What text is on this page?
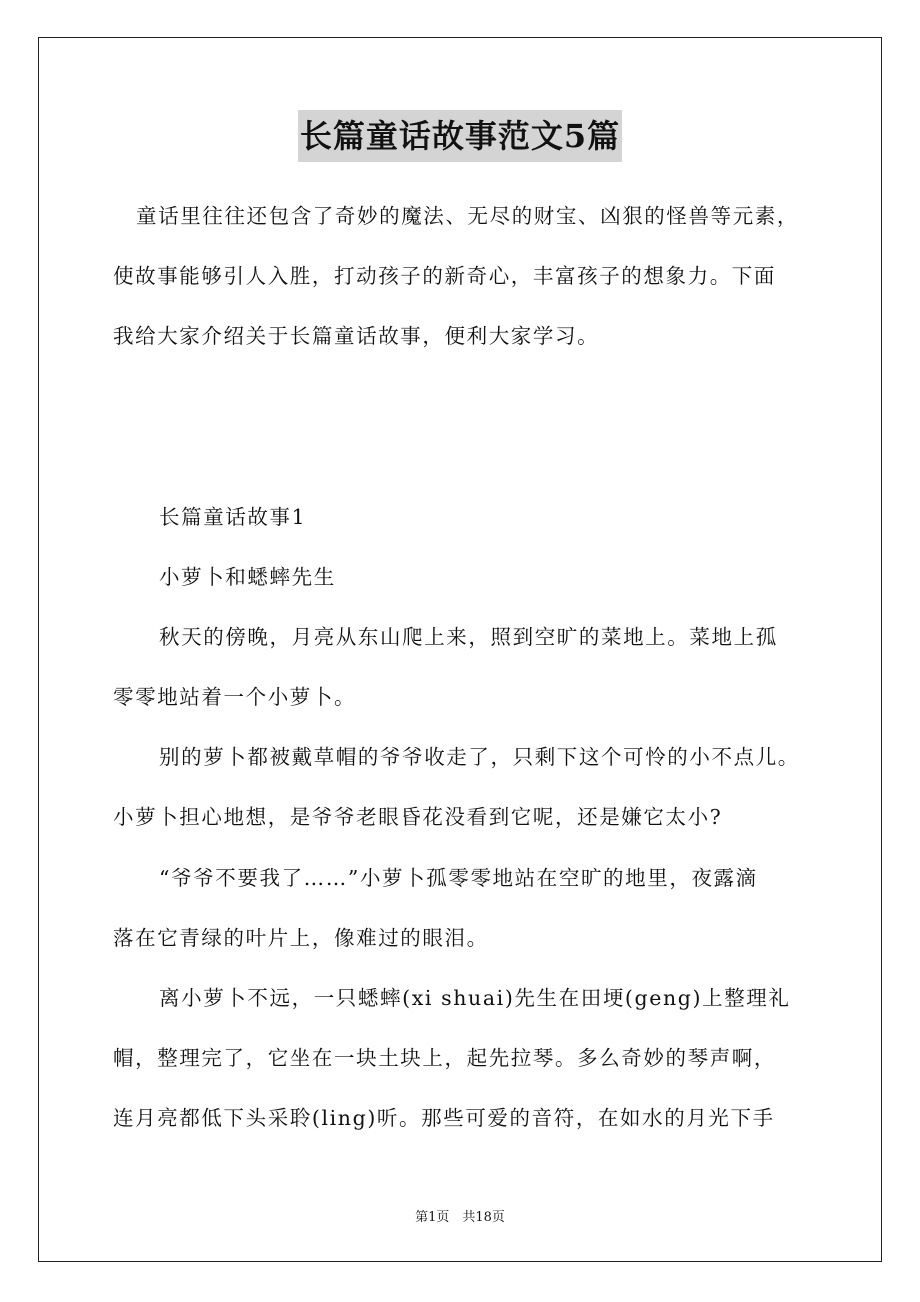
长篇童话故事范文5篇
童话里往往还包含了奇妙的魔法、无尽的财宝、凶狠的怪兽等元素，
使故事能够引人入胜，打动孩子的新奇心，丰富孩子的想象力。下面
我给大家介绍关于长篇童话故事，便利大家学习。
长篇童话故事1
小萝卜和蟋蟀先生
秋天的傍晚，月亮从东山爬上来，照到空旷的菜地上。菜地上孤
零零地站着一个小萝卜。
别的萝卜都被戴草帽的爷爷收走了，只剩下这个可怜的小不点儿。
小萝卜担心地想，是爷爷老眼昏花没看到它呢，还是嫌它太小?
“爷爷不要我了……”小萝卜孤零零地站在空旷的地里，夜露滴
落在它青绿的叶片上，像难过的眼泪。
离小萝卜不远，一只蟋蟀(xi shuai)先生在田埂(geng)上整理礼
帽，整理完了，它坐在一块土块上，起先拉琴。多么奇妙的琴声啊，
连月亮都低下头采聆(ling)听。那些可爱的音符，在如水的月光下手
第1页　共18页
